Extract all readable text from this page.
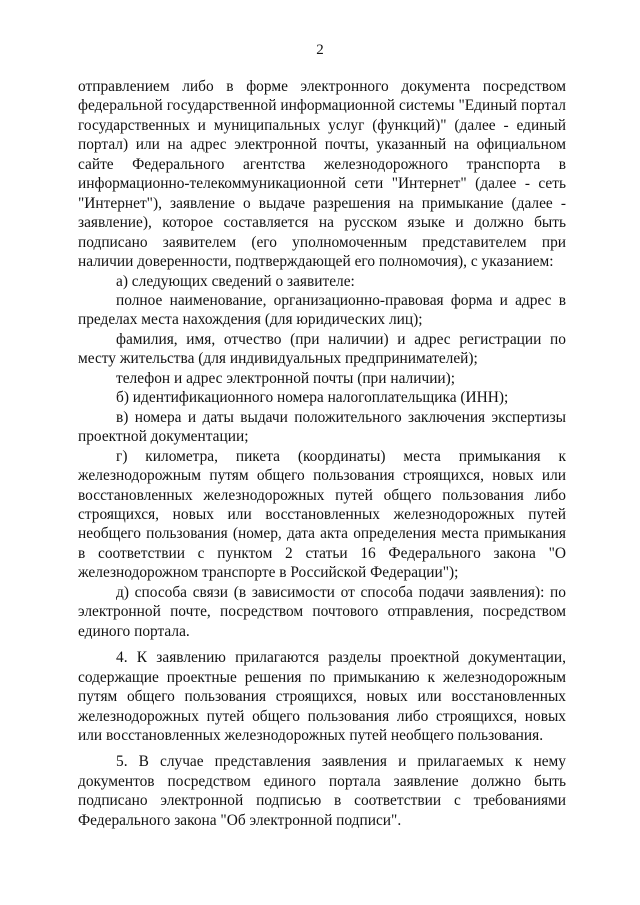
2

отправлением либо в форме электронного документа посредством федеральной государственной информационной системы "Единый портал государственных и муниципальных услуг (функций)" (далее - единый портал) или на адрес электронной почты, указанный на официальном сайте Федерального агентства железнодорожного транспорта в информационно-телекоммуникационной сети "Интернет" (далее - сеть "Интернет"), заявление о выдаче разрешения на примыкание (далее - заявление), которое составляется на русском языке и должно быть подписано заявителем (его уполномоченным представителем при наличии доверенности, подтверждающей его полномочия), с указанием:

а) следующих сведений о заявителе:

полное наименование, организационно-правовая форма и адрес в пределах места нахождения (для юридических лиц);

фамилия, имя, отчество (при наличии) и адрес регистрации по месту жительства (для индивидуальных предпринимателей);

телефон и адрес электронной почты (при наличии);

б) идентификационного номера налогоплательщика (ИНН);

в) номера и даты выдачи положительного заключения экспертизы проектной документации;

г) километра, пикета (координаты) места примыкания к железнодорожным путям общего пользования строящихся, новых или восстановленных железнодорожных путей общего пользования либо строящихся, новых или восстановленных железнодорожных путей необщего пользования (номер, дата акта определения места примыкания в соответствии с пунктом 2 статьи 16 Федерального закона "О железнодорожном транспорте в Российской Федерации");

д) способа связи (в зависимости от способа подачи заявления): по электронной почте, посредством почтового отправления, посредством единого портала.

4. К заявлению прилагаются разделы проектной документации, содержащие проектные решения по примыканию к железнодорожным путям общего пользования строящихся, новых или восстановленных железнодорожных путей общего пользования либо строящихся, новых или восстановленных железнодорожных путей необщего пользования.

5. В случае представления заявления и прилагаемых к нему документов посредством единого портала заявление должно быть подписано электронной подписью в соответствии с требованиями Федерального закона "Об электронной подписи".
